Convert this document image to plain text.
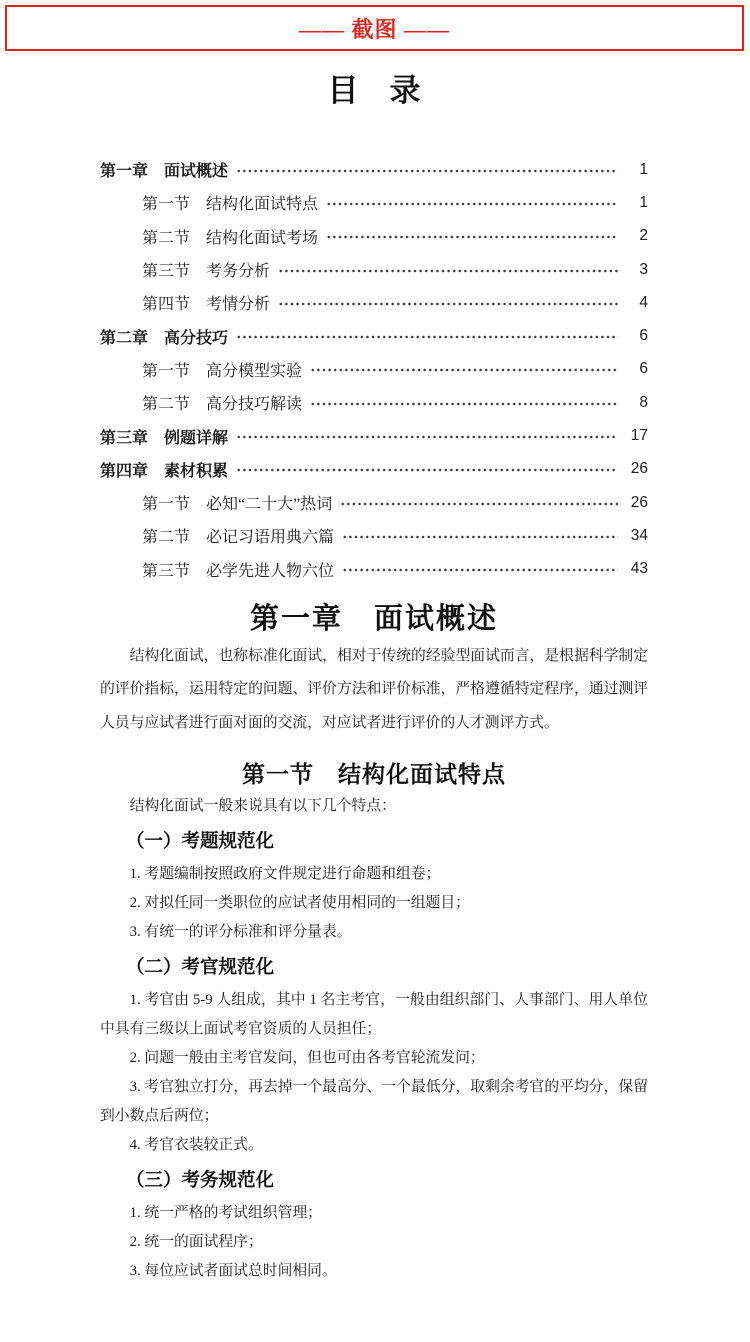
—— 截图 ——
目　录
第一章　面试概述	1
第一节　结构化面试特点	1
第二节　结构化面试考场	2
第三节　考务分析	3
第四节　考情分析	4
第二章　高分技巧	6
第一节　高分模型实验	6
第二节　高分技巧解读	8
第三章　例题详解	17
第四章　素材积累	26
第一节　必知“二十大”热词	26
第二节　必记习语用典六篇	34
第三节　必学先进人物六位	43
第一章　面试概述

结构化面试，也称标准化面试，相对于传统的经验型面试而言，是根据科学制定的评价指标，运用特定的问题、评价方法和评价标准，严格遵循特定程序，通过测评人员与应试者进行面对面的交流，对应试者进行评价的人才测评方式。

第一节　结构化面试特点

结构化面试一般来说具有以下几个特点：

（一）考题规范化

1. 考题编制按照政府文件规定进行命题和组卷；

2. 对拟任同一类职位的应试者使用相同的一组题目；

3. 有统一的评分标准和评分量表。

（二）考官规范化

1. 考官由 5-9 人组成，其中 1 名主考官，一般由组织部门、人事部门、用人单位中具有三级以上面试考官资质的人员担任；

2. 问题一般由主考官发问，但也可由各考官轮流发问；

3. 考官独立打分，再去掉一个最高分、一个最低分，取剩余考官的平均分，保留到小数点后两位；

4. 考官衣装较正式。

（三）考务规范化

1. 统一严格的考试组织管理；

2. 统一的面试程序；

3. 每位应试者面试总时间相同。
